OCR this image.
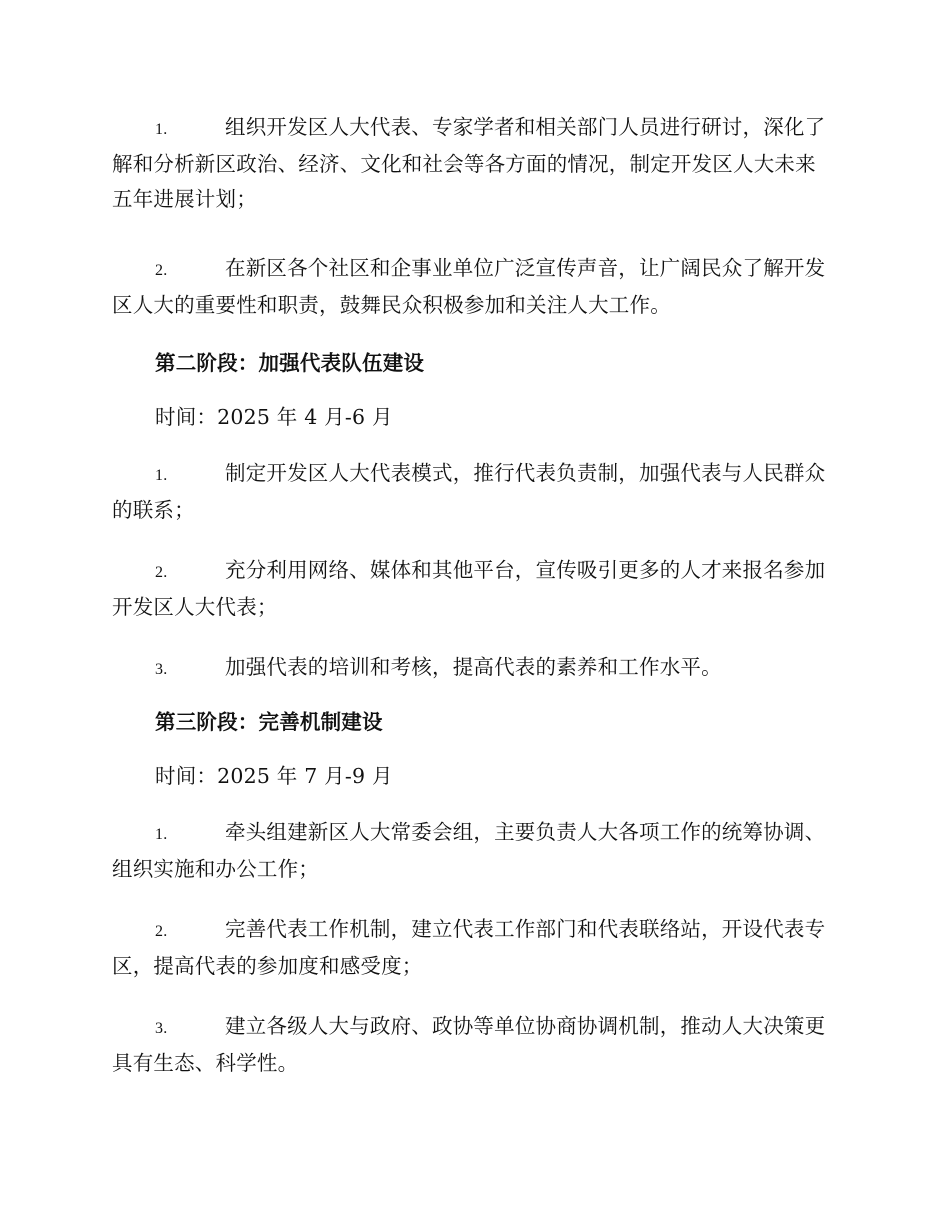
1.	组织开发区人大代表、专家学者和相关部门人员进行研讨，深化了解和分析新区政治、经济、文化和社会等各方面的情况，制定开发区人大未来五年进展计划；
2.	在新区各个社区和企事业单位广泛宣传声音，让广阔民众了解开发区人大的重要性和职责，鼓舞民众积极参加和关注人大工作。
第二阶段：加强代表队伍建设
时间：2025 年 4 月-6 月
1.	制定开发区人大代表模式，推行代表负责制，加强代表与人民群众的联系；
2.	充分利用网络、媒体和其他平台，宣传吸引更多的人才来报名参加开发区人大代表；
3.	加强代表的培训和考核，提高代表的素养和工作水平。
第三阶段：完善机制建设
时间：2025 年 7 月-9 月
1.	牵头组建新区人大常委会组，主要负责人大各项工作的统筹协调、组织实施和办公工作；
2.	完善代表工作机制，建立代表工作部门和代表联络站，开设代表专区，提高代表的参加度和感受度；
3.	建立各级人大与政府、政协等单位协商协调机制，推动人大决策更具有生态、科学性。
